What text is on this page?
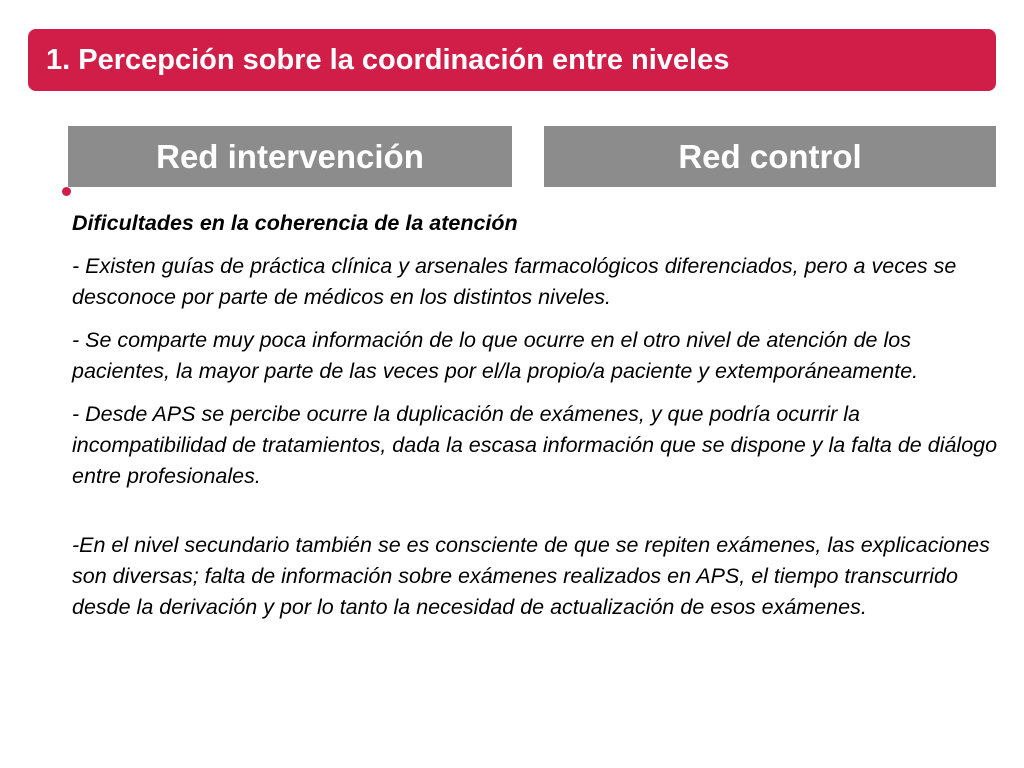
1. Percepción sobre la coordinación entre niveles
Red intervención	Red control

Dificultades en la coherencia de la atención

- Existen guías de práctica clínica y arsenales farmacológicos diferenciados, pero a veces se desconoce por parte de médicos en los distintos niveles.

- Se comparte muy poca información de lo que ocurre en el otro nivel de atención de los pacientes, la mayor parte de las veces por el/la propio/a paciente y extemporáneamente.

- Desde APS se percibe ocurre la duplicación de exámenes, y que podría ocurrir la incompatibilidad de tratamientos, dada la escasa información que se dispone y la falta de diálogo entre profesionales.

-En el nivel secundario también se es consciente de que se repiten exámenes, las explicaciones son diversas; falta de información sobre exámenes realizados en APS, el tiempo transcurrido desde la derivación y por lo tanto la necesidad de actualización de esos exámenes.
